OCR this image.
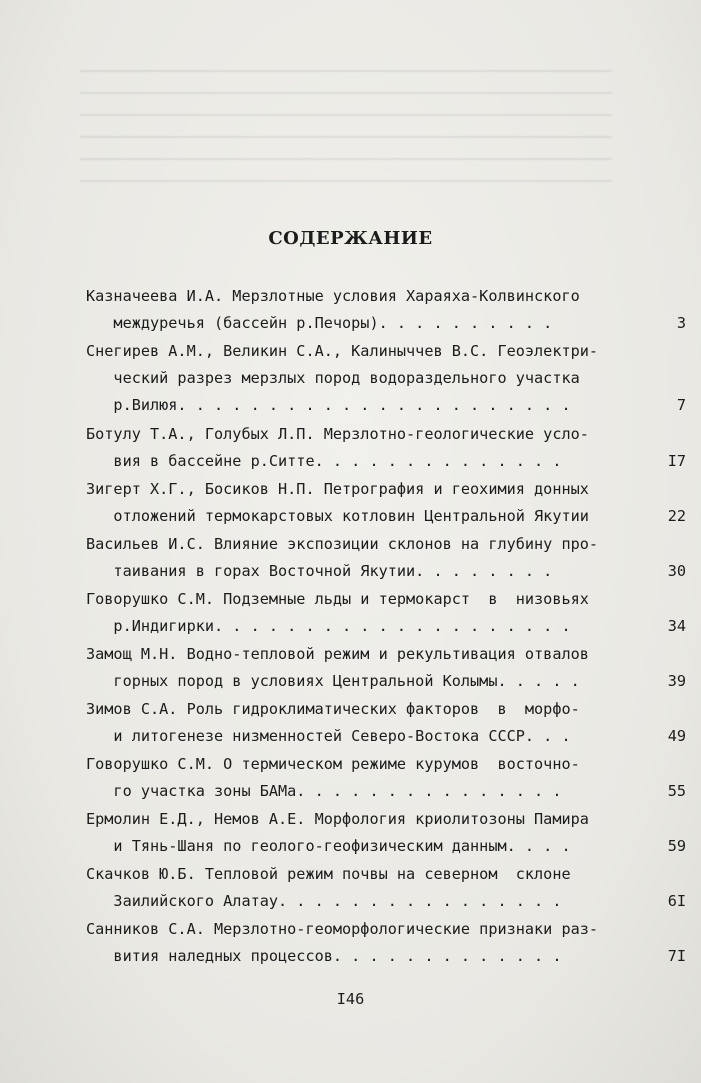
СОДЕРЖАНИЕ
Казначеева И.А. Мерзлотные условия Хараяха-Колвинского
междуречья (бассейн р.Печоры). . . . . . . . . .	3
Снегирев А.М., Великин С.А., Калиныччев В.С. Геоэлектри-
ческий разрез мерзлых пород водораздельного участка
р.Вилюя. . . . . . . . . . . . . . . . . . . . . .	7
Ботулу Т.А., Голубых Л.П. Мерзлотно-геологические усло-
вия в бассейне р.Ситте. . . . . . . . . . . . . .	I7
Зигерт Х.Г., Босиков Н.П. Петрография и геохимия донных
отложений термокарстовых котловин Центральной Якутии	22
Васильев И.С. Влияние экспозиции склонов на глубину про-
таивания в горах Восточной Якутии. . . . . . . .	30
Говорушко С.М. Подземные льды и термокарст  в  низовьях
р.Индигирки. . . . . . . . . . . . . . . . . . . .	34
Замощ М.Н. Водно-тепловой режим и рекультивация отвалов
горных пород в условиях Центральной Колымы. . . . .	39
Зимов С.А. Роль гидроклиматических факторов  в  морфо-
и литогенезе низменностей Северо-Востока СССР. . .	49
Говорушко С.М. О термическом режиме курумов  восточно-
го участка зоны БАМа. . . . . . . . . . . . . . .	55
Ермолин Е.Д., Немов А.Е. Морфология криолитозоны Памира
и Тянь-Шаня по геолого-геофизическим данным. . . .	59
Скачков Ю.Б. Тепловой режим почвы на северном  склоне
Заилийского Алатау. . . . . . . . . . . . . . . .	6I
Санников С.А. Мерзлотно-геоморфологические признаки раз-
вития наледных процессов. . . . . . . . . . . . .	7I
I46
